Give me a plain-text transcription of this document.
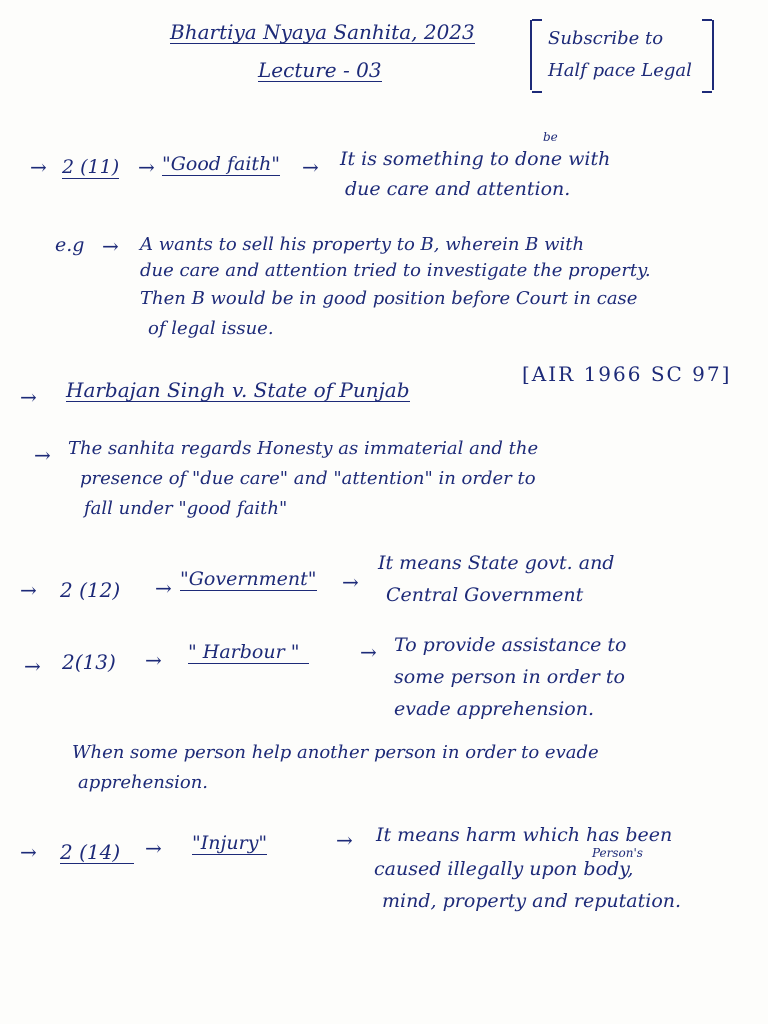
Bhartiya Nyaya Sanhita, 2023
Lecture - 03
Subscribe to
Half pace Legal
→ 2 (11) → "Good faith" →
be
It is something to done with
due care and attention.
e.g → A wants to sell his property to B, wherein B with
due care and attention tried to investigate the property.
Then B would be in good position before Court in case
of legal issue.
→ Harbajan Singh v. State of Punjab
[AIR 1966 SC 97]
→ The sanhita regards Honesty as immaterial and the
presence of "due care" and "attention" in order to
fall under "good faith"
→ 2 (12) → "Government" →
It means State govt. and
Central Government
→ 2(13) → " Harbour "	→ To provide assistance to
some person in order to
evade apprehension.
When some person help another person in order to evade
apprehension.
→ 2 (14)	→ "Injury"	→ It means harm which has been
Person's
caused illegally upon body,
mind, property and reputation.
